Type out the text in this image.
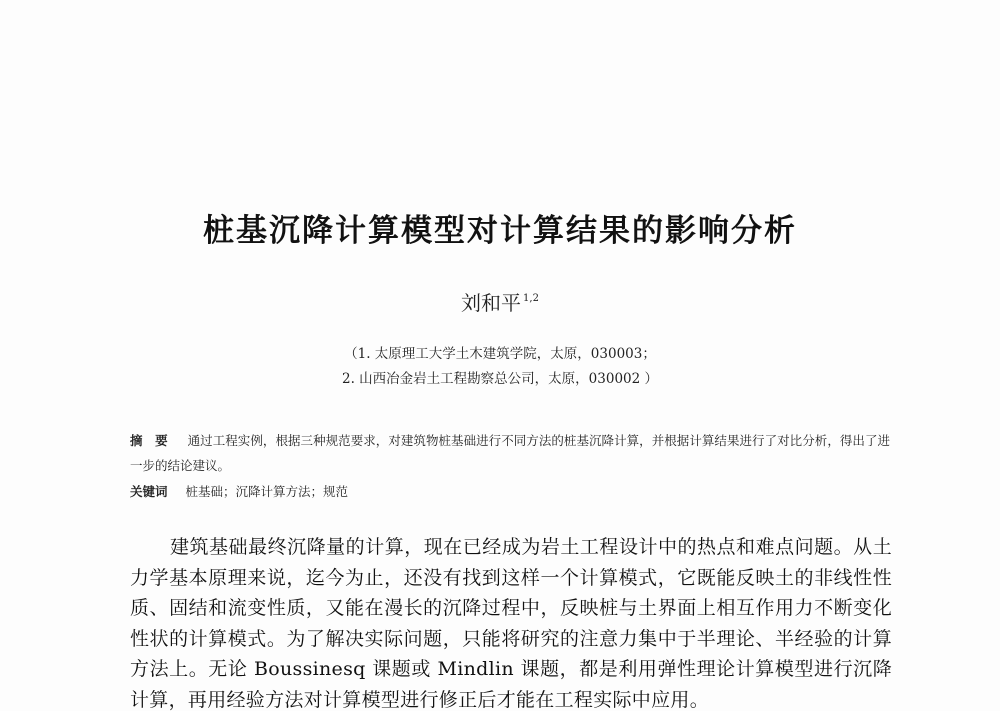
桩基沉降计算模型对计算结果的影响分析
刘和平 $^{1,2}$
（1. 太原理工大学土木建筑学院，太原，030003；
2. 山西冶金岩土工程勘察总公司，太原，030002 ）
摘　要 通过工程实例，根据三种规范要求，对建筑物桩基础进行不同方法的桩基沉降计算，并根据计算结果进行了对比分析，得出了进一步的结论建议。
关键词 桩基础；沉降计算方法；规范
建筑基础最终沉降量的计算，现在已经成为岩土工程设计中的热点和难点问题。从土力学基本原理来说，迄今为止，还没有找到这样一个计算模式，它既能反映土的非线性性质、固结和流变性质，又能在漫长的沉降过程中，反映桩与土界面上相互作用力不断变化性状的计算模式。为了解决实际问题，只能将研究的注意力集中于半理论、半经验的计算方法上。无论 Boussinesq 课题或 Mindlin 课题，都是利用弹性理论计算模型进行沉降计算，再用经验方法对计算模型进行修正后才能在工程实际中应用。
